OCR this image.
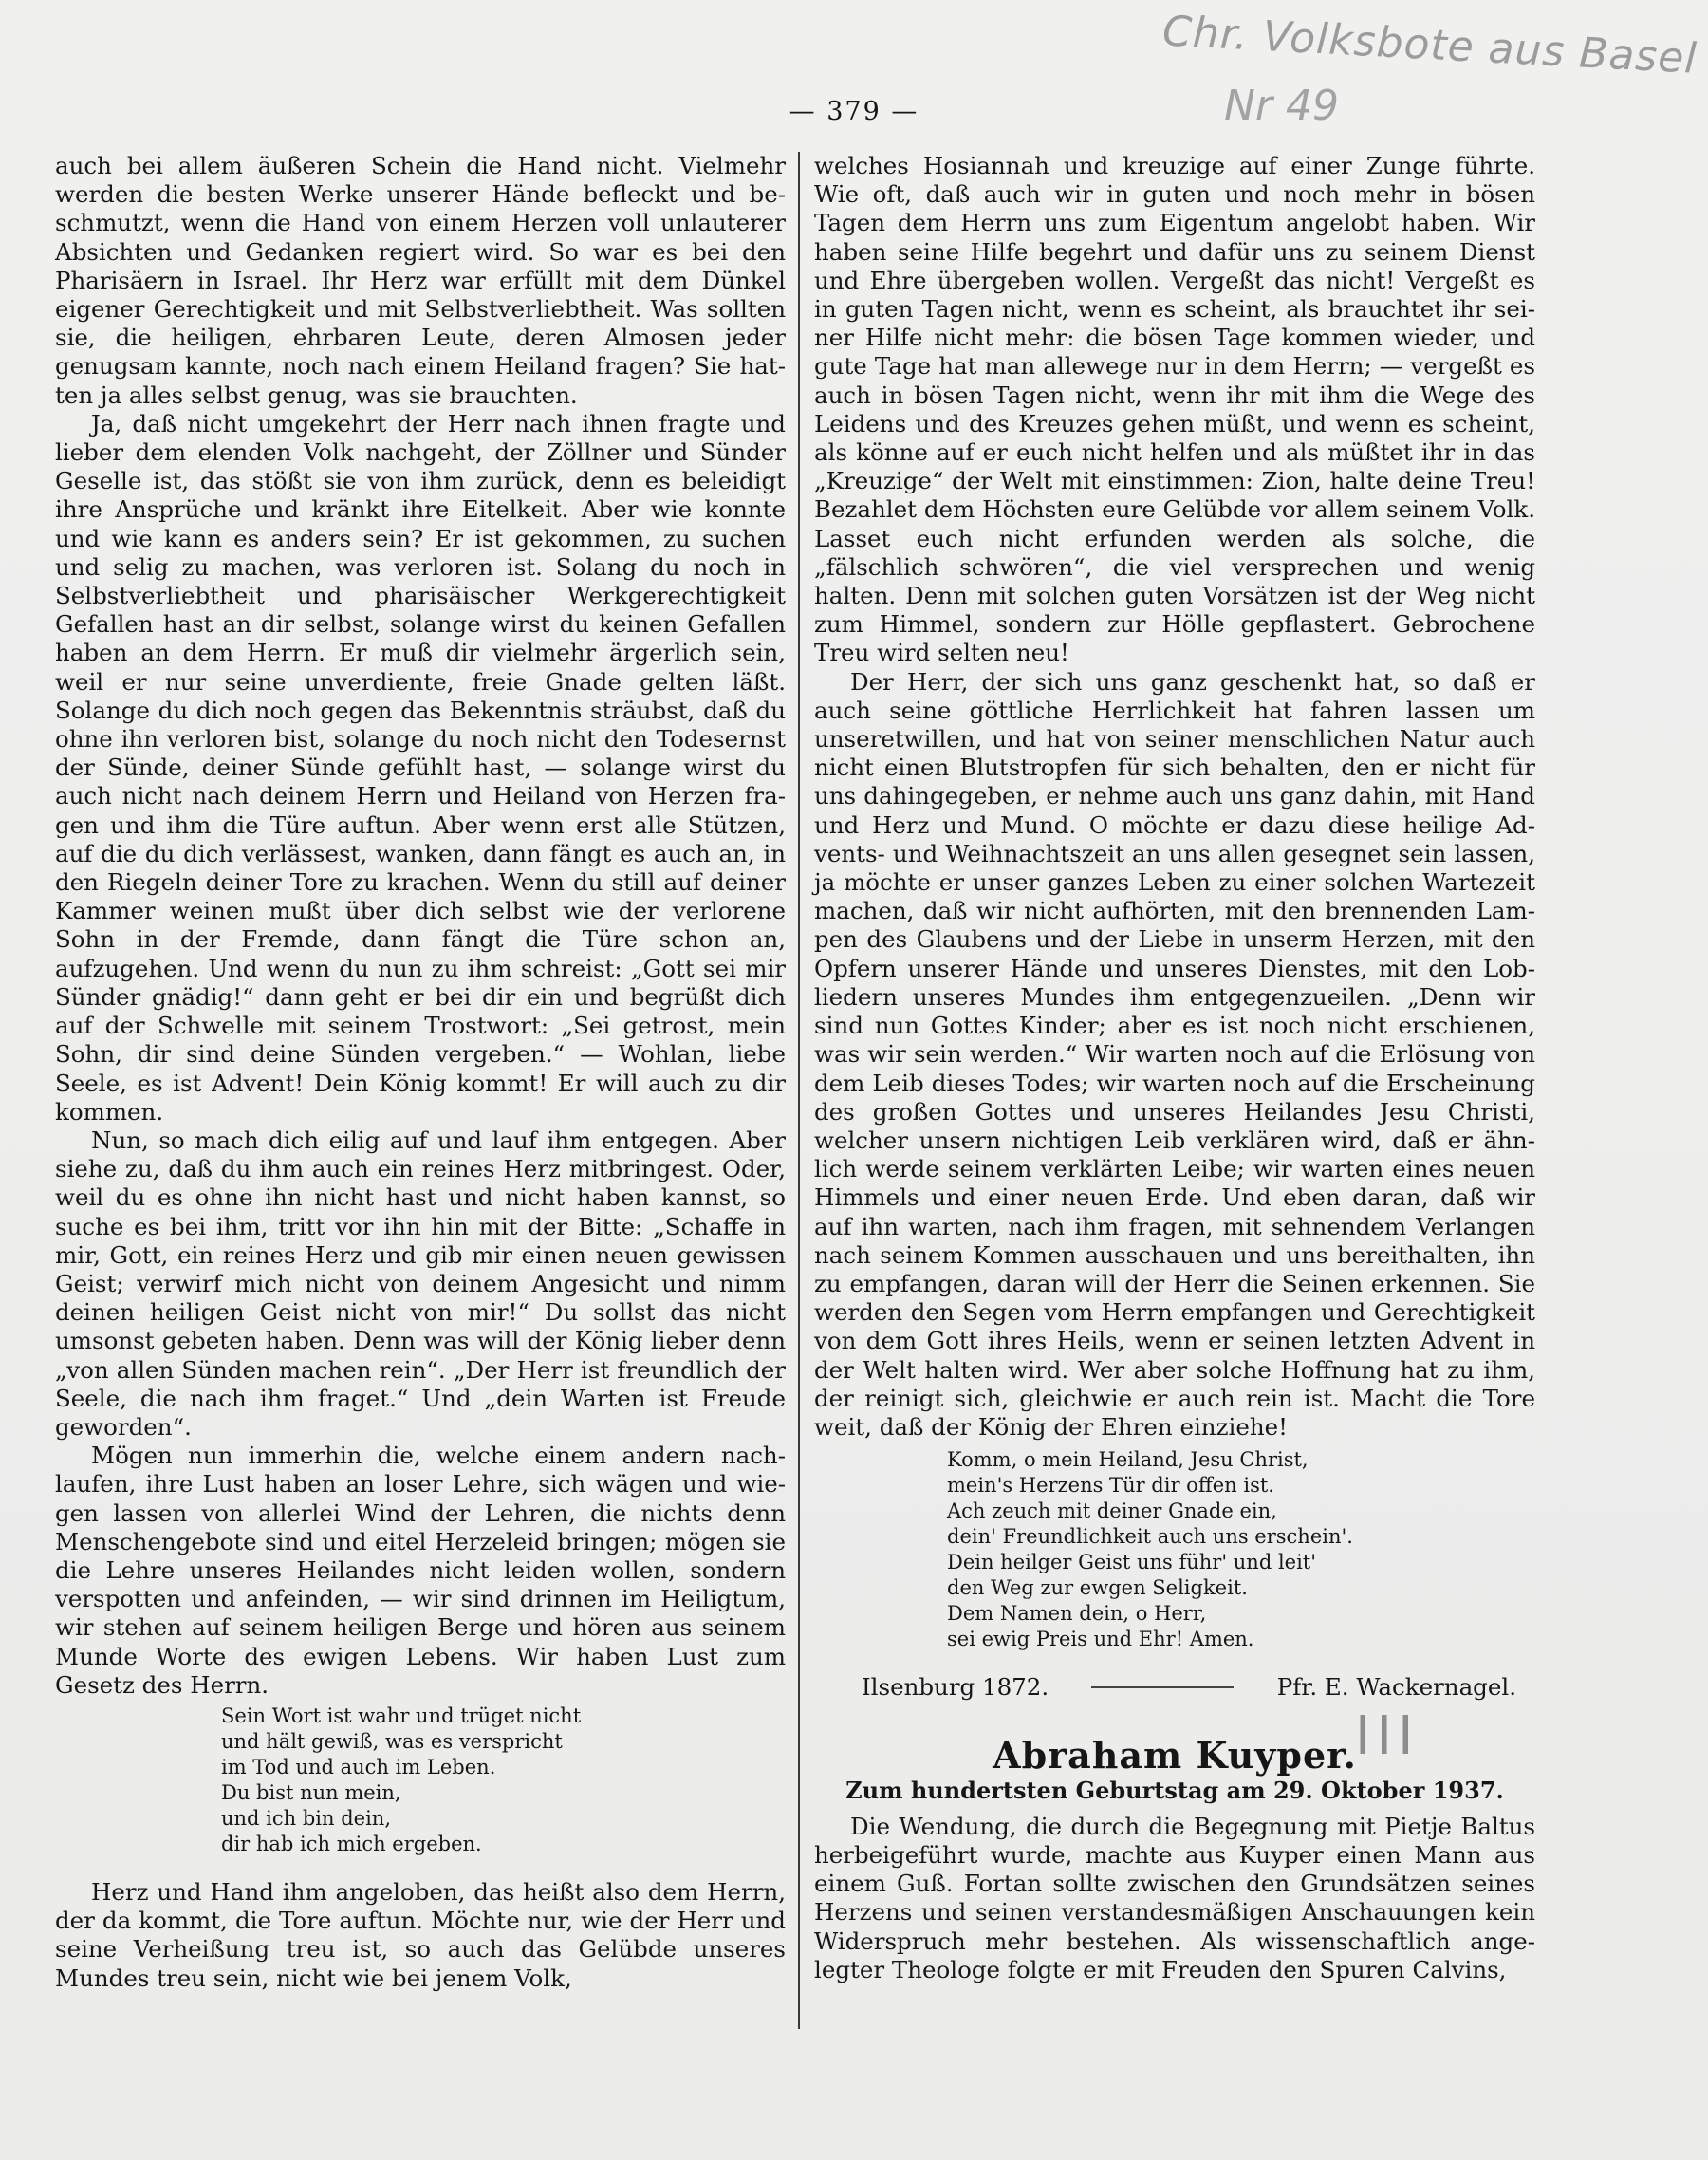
Chr. Volksbote aus Basel
Nr 49
— 379 —

auch bei allem äußeren Schein die Hand nicht. Vielmehr werden die besten Werke unserer Hände befleckt und beschmutzt, wenn die Hand von einem Herzen voll unlauterer Absichten und Gedanken regiert wird. So war es bei den Pharisäern in Israel. Ihr Herz war erfüllt mit dem Dünkel eigener Gerechtigkeit und mit Selbstverliebtheit. Was sollten sie, die heiligen, ehrbaren Leute, deren Almosen jeder genugsam kannte, noch nach einem Heiland fragen? Sie hatten ja alles selbst genug, was sie brauchten.

Ja, daß nicht umgekehrt der Herr nach ihnen fragte und lieber dem elenden Volk nachgeht, der Zöllner und Sünder Geselle ist, das stößt sie von ihm zurück, denn es beleidigt ihre Ansprüche und kränkt ihre Eitelkeit. Aber wie konnte und wie kann es anders sein? Er ist gekommen, zu suchen und selig zu machen, was verloren ist. Solang du noch in Selbstverliebtheit und pharisäischer Werkgerechtigkeit Gefallen hast an dir selbst, solange wirst du keinen Gefallen haben an dem Herrn. Er muß dir vielmehr ärgerlich sein, weil er nur seine unverdiente, freie Gnade gelten läßt. Solange du dich noch gegen das Bekenntnis sträubst, daß du ohne ihn verloren bist, solange du noch nicht den Todesernst der Sünde, deiner Sünde gefühlt hast, — solange wirst du auch nicht nach deinem Herrn und Heiland von Herzen fragen und ihm die Türe auftun. Aber wenn erst alle Stützen, auf die du dich verlässest, wanken, dann fängt es auch an, in den Riegeln deiner Tore zu krachen. Wenn du still auf deiner Kammer weinen mußt über dich selbst wie der verlorene Sohn in der Fremde, dann fängt die Türe schon an, aufzugehen. Und wenn du nun zu ihm schreist: „Gott sei mir Sünder gnädig!“ dann geht er bei dir ein und begrüßt dich auf der Schwelle mit seinem Trostwort: „Sei getrost, mein Sohn, dir sind deine Sünden vergeben.“ — Wohlan, liebe Seele, es ist Advent! Dein König kommt! Er will auch zu dir kommen.

Nun, so mach dich eilig auf und lauf ihm entgegen. Aber siehe zu, daß du ihm auch ein reines Herz mitbringest. Oder, weil du es ohne ihn nicht hast und nicht haben kannst, so suche es bei ihm, tritt vor ihn hin mit der Bitte: „Schaffe in mir, Gott, ein reines Herz und gib mir einen neuen gewissen Geist; verwirf mich nicht von deinem Angesicht und nimm deinen heiligen Geist nicht von mir!“ Du sollst das nicht umsonst gebeten haben. Denn was will der König lieber denn „von allen Sünden machen rein“. „Der Herr ist freundlich der Seele, die nach ihm fraget.“ Und „dein Warten ist Freude geworden“.

Mögen nun immerhin die, welche einem andern nachlaufen, ihre Lust haben an loser Lehre, sich wägen und wiegen lassen von allerlei Wind der Lehren, die nichts denn Menschengebote sind und eitel Herzeleid bringen; mögen sie die Lehre unseres Heilandes nicht leiden wollen, sondern verspotten und anfeinden, — wir sind drinnen im Heiligtum, wir stehen auf seinem heiligen Berge und hören aus seinem Munde Worte des ewigen Lebens. Wir haben Lust zum Gesetz des Herrn.

Sein Wort ist wahr und trüget nicht
und hält gewiß, was es verspricht
im Tod und auch im Leben.
Du bist nun mein,
und ich bin dein,
dir hab ich mich ergeben.

Herz und Hand ihm angeloben, das heißt also dem Herrn, der da kommt, die Tore auftun. Möchte nur, wie der Herr und seine Verheißung treu ist, so auch das Gelübde unseres Mundes treu sein, nicht wie bei jenem Volk,

welches Hosiannah und kreuzige auf einer Zunge führte. Wie oft, daß auch wir in guten und noch mehr in bösen Tagen dem Herrn uns zum Eigentum angelobt haben. Wir haben seine Hilfe begehrt und dafür uns zu seinem Dienst und Ehre übergeben wollen. Vergeßt das nicht! Vergeßt es in guten Tagen nicht, wenn es scheint, als brauchtet ihr seiner Hilfe nicht mehr: die bösen Tage kommen wieder, und gute Tage hat man allewege nur in dem Herrn; — vergeßt es auch in bösen Tagen nicht, wenn ihr mit ihm die Wege des Leidens und des Kreuzes gehen müßt, und wenn es scheint, als könne auf er euch nicht helfen und als müßtet ihr in das „Kreuzige“ der Welt mit einstimmen: Zion, halte deine Treu! Bezahlet dem Höchsten eure Gelübde vor allem seinem Volk. Lasset euch nicht erfunden werden als solche, die „fälschlich schwören“, die viel versprechen und wenig halten. Denn mit solchen guten Vorsätzen ist der Weg nicht zum Himmel, sondern zur Hölle gepflastert. Gebrochene Treu wird selten neu!

Der Herr, der sich uns ganz geschenkt hat, so daß er auch seine göttliche Herrlichkeit hat fahren lassen um unseretwillen, und hat von seiner menschlichen Natur auch nicht einen Blutstropfen für sich behalten, den er nicht für uns dahingegeben, er nehme auch uns ganz dahin, mit Hand und Herz und Mund. O möchte er dazu diese heilige Advents- und Weihnachtszeit an uns allen gesegnet sein lassen, ja möchte er unser ganzes Leben zu einer solchen Wartezeit machen, daß wir nicht aufhörten, mit den brennenden Lampen des Glaubens und der Liebe in unserm Herzen, mit den Opfern unserer Hände und unseres Dienstes, mit den Lobliedern unseres Mundes ihm entgegenzueilen. „Denn wir sind nun Gottes Kinder; aber es ist noch nicht erschienen, was wir sein werden.“ Wir warten noch auf die Erlösung von dem Leib dieses Todes; wir warten noch auf die Erscheinung des großen Gottes und unseres Heilandes Jesu Christi, welcher unsern nichtigen Leib verklären wird, daß er ähnlich werde seinem verklärten Leibe; wir warten eines neuen Himmels und einer neuen Erde. Und eben daran, daß wir auf ihn warten, nach ihm fragen, mit sehnendem Verlangen nach seinem Kommen ausschauen und uns bereithalten, ihn zu empfangen, daran will der Herr die Seinen erkennen. Sie werden den Segen vom Herrn empfangen und Gerechtigkeit von dem Gott ihres Heils, wenn er seinen letzten Advent in der Welt halten wird. Wer aber solche Hoffnung hat zu ihm, der reinigt sich, gleichwie er auch rein ist. Macht die Tore weit, daß der König der Ehren einziehe!

Komm, o mein Heiland, Jesu Christ,
mein's Herzens Tür dir offen ist.
Ach zeuch mit deiner Gnade ein,
dein' Freundlichkeit auch uns erschein'.
Dein heilger Geist uns führ' und leit'
den Weg zur ewgen Seligkeit.
Dem Namen dein, o Herr,
sei ewig Preis und Ehr! Amen.
Ilsenburg 1872.	Pfr. E. Wackernagel.
Abraham Kuyper.
III
Zum hundertsten Geburtstag am 29. Oktober 1937.

Die Wendung, die durch die Begegnung mit Pietje Baltus herbeigeführt wurde, machte aus Kuyper einen Mann aus einem Guß. Fortan sollte zwischen den Grundsätzen seines Herzens und seinen verstandesmäßigen Anschauungen kein Widerspruch mehr bestehen. Als wissenschaftlich angelegter Theologe folgte er mit Freuden den Spuren Calvins,
